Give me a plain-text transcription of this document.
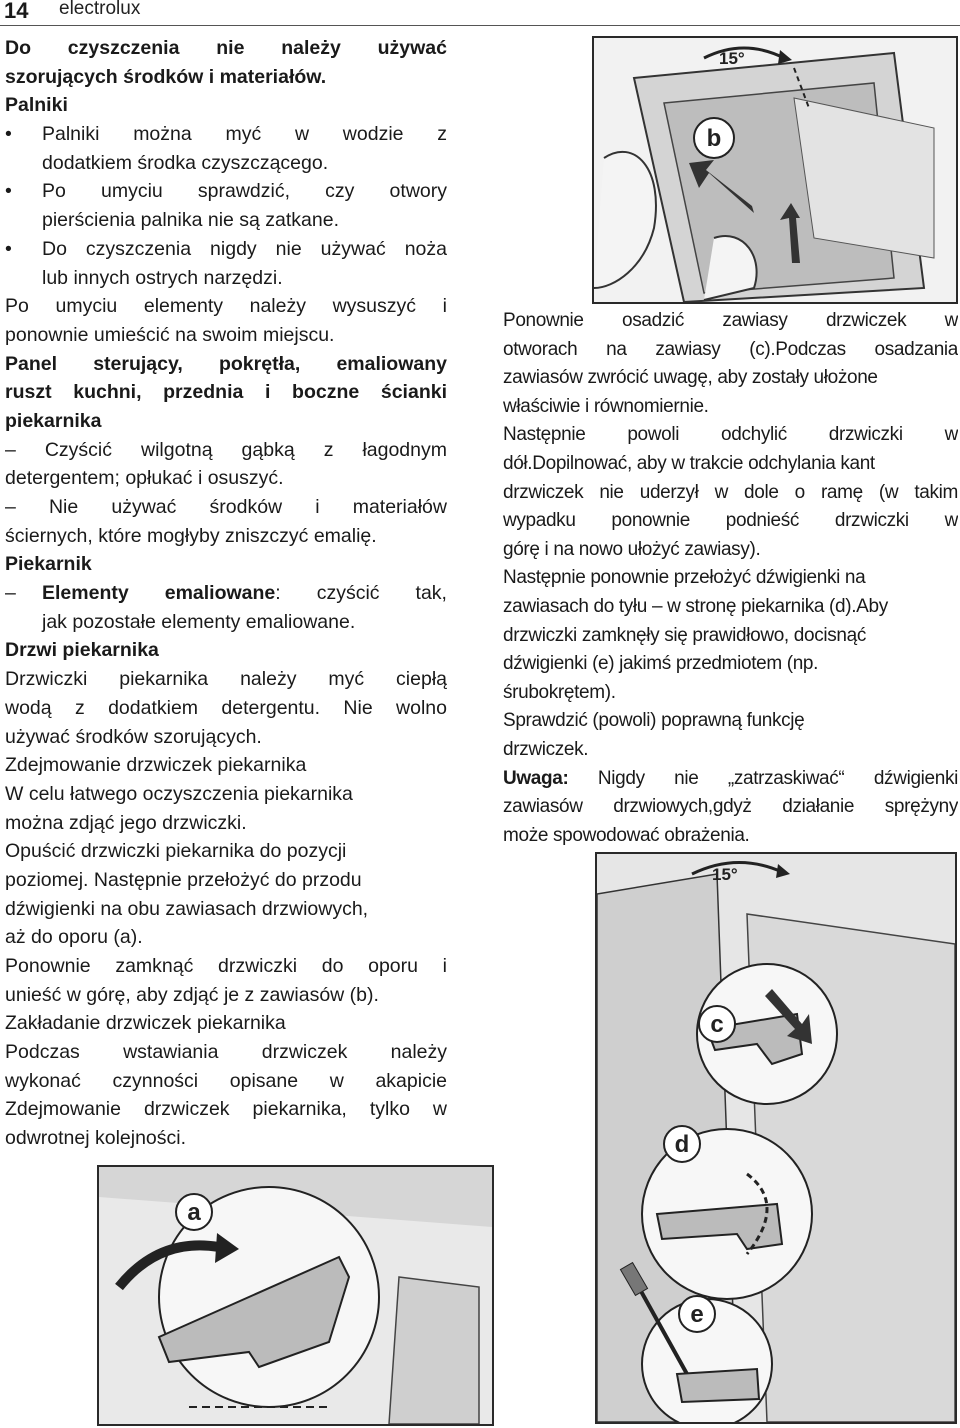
14 electrolux
Do czyszczenia nie należy używać
szorujących środków i materiałów.
Palniki
• Palniki można myć w wodzie z
dodatkiem środka czyszczącego.
• Po umyciu sprawdzić, czy otwory
pierścienia palnika nie są zatkane.
• Do czyszczenia nigdy nie używać noża
lub innych ostrych narzędzi.
Po umyciu elementy należy wysuszyć i
ponownie umieścić na swoim miejscu.
Panel sterujący, pokrętła, emaliowany
ruszt kuchni, przednia i boczne ścianki
piekarnika
– Czyścić wilgotną gąbką z łagodnym
detergentem; opłukać i osuszyć.
– Nie używać środków i materiałów
ściernych, które mogłyby zniszczyć emalię.
Piekarnik
– Elementy emaliowane: czyścić tak,
jak pozostałe elementy emaliowane.
Drzwi piekarnika
Drzwiczki piekarnika należy myć ciepłą
wodą z dodatkiem detergentu. Nie wolno
używać środków szorujących.
Zdejmowanie drzwiczek piekarnika
W celu łatwego oczyszczenia piekarnika
można zdjąć jego drzwiczki.
Opuścić drzwiczki piekarnika do pozycji
poziomej. Następnie przełożyć do przodu
dźwigienki na obu zawiasach drzwiowych,
aż do oporu (a).
Ponownie zamknąć drzwiczki do oporu i
unieść w górę, aby zdjąć je z zawiasów (b).
Zakładanie drzwiczek piekarnika
Podczas wstawiania drzwiczek należy
wykonać czynności opisane w akapicie
Zdejmowanie drzwiczek piekarnika, tylko w
odwrotnej kolejności.
Ponownie osadzić zawiasy drzwiczek w
otworach na zawiasy (c).Podczas osadzania
zawiasów zwrócić uwagę, aby zostały ułożone
właściwie i równomiernie.
Następnie powoli odchylić drzwiczki w
dół.Dopilnować, aby w trakcie odchylania kant
drzwiczek nie uderzył w dole o ramę (w takim
wypadku ponownie podnieść drzwiczki w
górę i na nowo ułożyć zawiasy).
Następnie ponownie przełożyć dźwigienki na
zawiasach do tyłu – w stronę piekarnika (d).Aby
drzwiczki zamknęły się prawidłowo, docisnąć
dźwigienki (e) jakimś przedmiotem (np.
śrubokrętem).
Sprawdzić (powoli) poprawną funkcję
drzwiczek.
Uwaga: Nigdy nie „zatrzaskiwać“ dźwigienki
zawiasów drzwiowych,gdyż działanie sprężyny
może spowodować obrażenia.
b
15°
15°
c
d
e
a
